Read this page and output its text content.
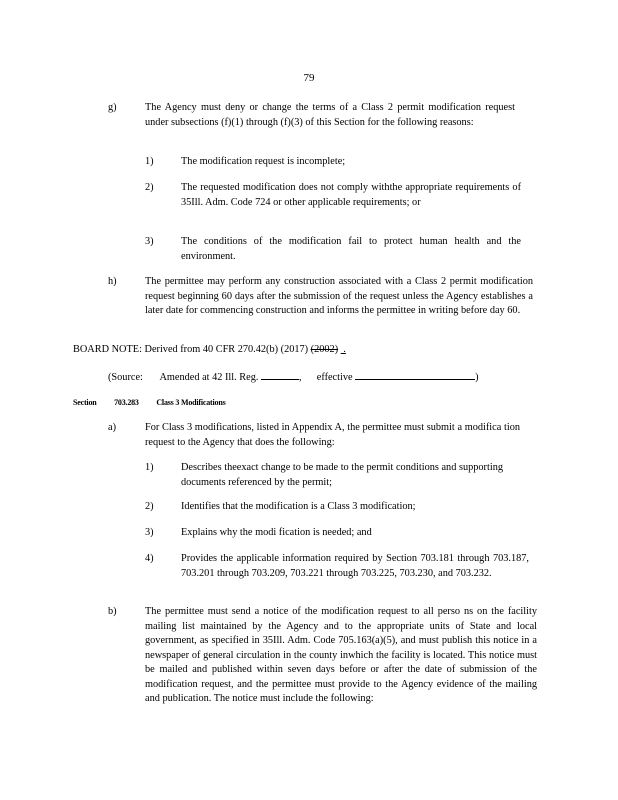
79
g)	The Agency must deny or change the terms of a Class 2 permit modification request under subsections (f)(1) through (f)(3) of this Section for the following reasons:
1)	The modification request is incomplete;
2)	The requested modification does not comply withthe appropriate requirements of 35Ill. Adm. Code 724 or other applicable requirements; or
3)	The conditions of the modification fail to protect human health and the environment.
h)	The permittee may perform any construction associated with a Class 2 permit modification request beginning 60 days after the submission of the request unless the Agency establishes a later date for commencing construction and informs the permittee in writing before day 60.
BOARD NOTE: Derived from 40 CFR 270.42(b) (2017) (2002)  .
(Source: Amended at 42 Ill. Reg.	,  effective	)
Section 703.283 Class 3 Modifications
a)	For Class 3 modifications, listed in Appendix A, the permittee must submit a modifica tion request to the Agency that does the following:
1)	Describes theexact change to be made to the permit conditions and supporting documents referenced by the permit;
2)	Identifies that the modification is a Class 3 modification;
3)	Explains why the modi fication is needed; and
4)	Provides the applicable information required by Section 703.181 through 703.187, 703.201 through 703.209, 703.221 through 703.225, 703.230, and 703.232.
b)	The permittee must send a notice of the modification request to all perso ns on the facility mailing list maintained by the Agency and to the appropriate units of State and local government, as specified in 35Ill. Adm. Code 705.163(a)(5), and must publish this notice in a newspaper of general circulation in the county inwhich the facility is located. This notice must be mailed and published within seven days before or after the date of submission of the modification request, and the permittee must provide to the Agency evidence of the mailing and publication. The notice must include the following:
